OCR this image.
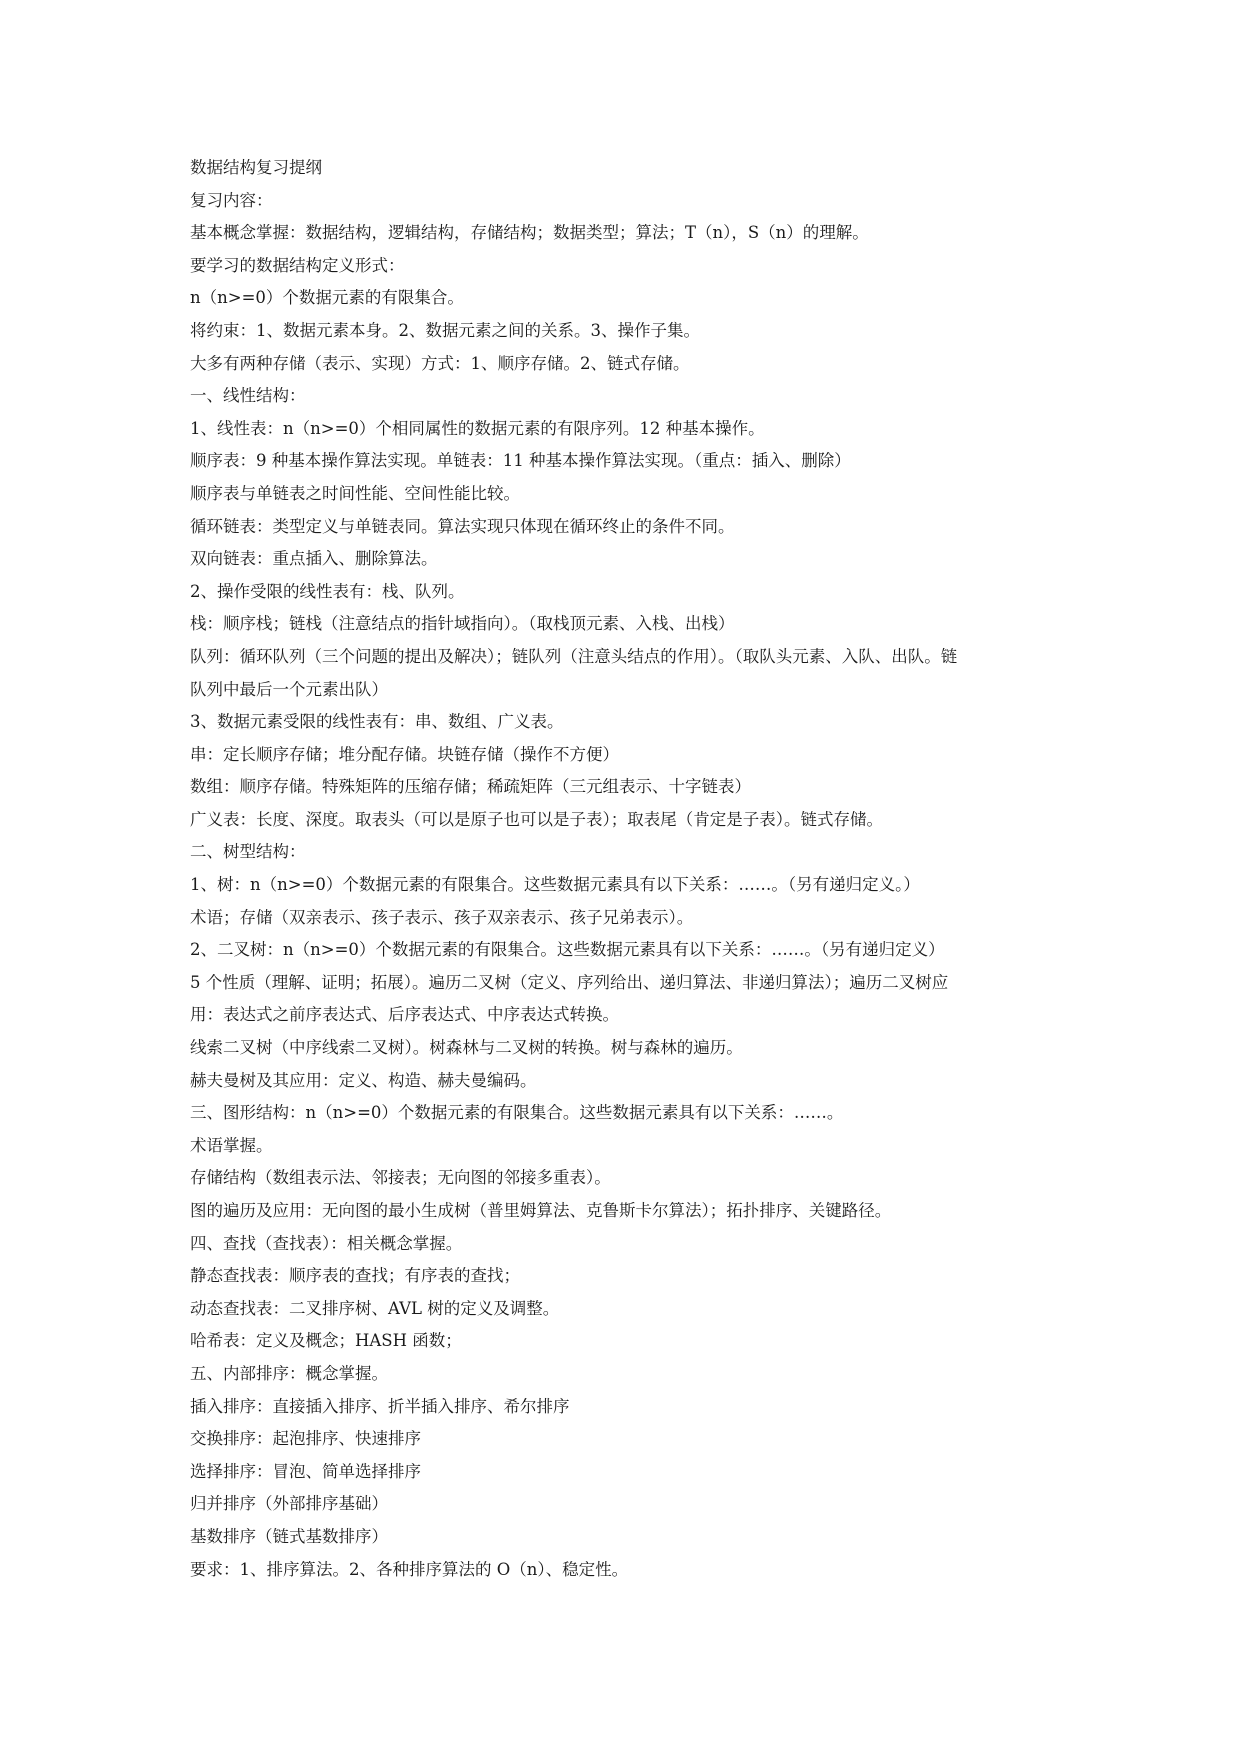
数据结构复习提纲
复习内容：
基本概念掌握：数据结构，逻辑结构，存储结构；数据类型；算法；T（n），S（n）的理解。
要学习的数据结构定义形式：
n（n>=0）个数据元素的有限集合。
将约束：1、数据元素本身。2、数据元素之间的关系。3、操作子集。
大多有两种存储（表示、实现）方式：1、顺序存储。2、链式存储。
一、线性结构：
1、线性表：n（n>=0）个相同属性的数据元素的有限序列。12 种基本操作。
顺序表：9 种基本操作算法实现。单链表：11 种基本操作算法实现。（重点：插入、删除）
顺序表与单链表之时间性能、空间性能比较。
循环链表：类型定义与单链表同。算法实现只体现在循环终止的条件不同。
双向链表：重点插入、删除算法。
2、操作受限的线性表有：栈、队列。
栈：顺序栈；链栈（注意结点的指针域指向）。（取栈顶元素、入栈、出栈）
队列：循环队列（三个问题的提出及解决）；链队列（注意头结点的作用）。（取队头元素、入队、出队。链
队列中最后一个元素出队）
3、数据元素受限的线性表有：串、数组、广义表。
串：定长顺序存储；堆分配存储。块链存储（操作不方便）
数组：顺序存储。特殊矩阵的压缩存储；稀疏矩阵（三元组表示、十字链表）
广义表：长度、深度。取表头（可以是原子也可以是子表）；取表尾（肯定是子表）。链式存储。
二、树型结构：
1、树：n（n>=0）个数据元素的有限集合。这些数据元素具有以下关系：……。（另有递归定义。）
术语；存储（双亲表示、孩子表示、孩子双亲表示、孩子兄弟表示）。
2、二叉树：n（n>=0）个数据元素的有限集合。这些数据元素具有以下关系：……。（另有递归定义）
5 个性质（理解、证明；拓展）。遍历二叉树（定义、序列给出、递归算法、非递归算法）；遍历二叉树应
用：表达式之前序表达式、后序表达式、中序表达式转换。
线索二叉树（中序线索二叉树）。树森林与二叉树的转换。树与森林的遍历。
赫夫曼树及其应用：定义、构造、赫夫曼编码。
三、图形结构：n（n>=0）个数据元素的有限集合。这些数据元素具有以下关系：……。
术语掌握。
存储结构（数组表示法、邻接表；无向图的邻接多重表）。
图的遍历及应用：无向图的最小生成树（普里姆算法、克鲁斯卡尔算法）；拓扑排序、关键路径。
四、查找（查找表）：相关概念掌握。
静态查找表：顺序表的查找；有序表的查找；
动态查找表：二叉排序树、AVL 树的定义及调整。
哈希表：定义及概念；HASH 函数；
五、内部排序：概念掌握。
插入排序：直接插入排序、折半插入排序、希尔排序
交换排序：起泡排序、快速排序
选择排序：冒泡、简单选择排序
归并排序（外部排序基础）
基数排序（链式基数排序）
要求：1、排序算法。2、各种排序算法的 O（n）、稳定性。
